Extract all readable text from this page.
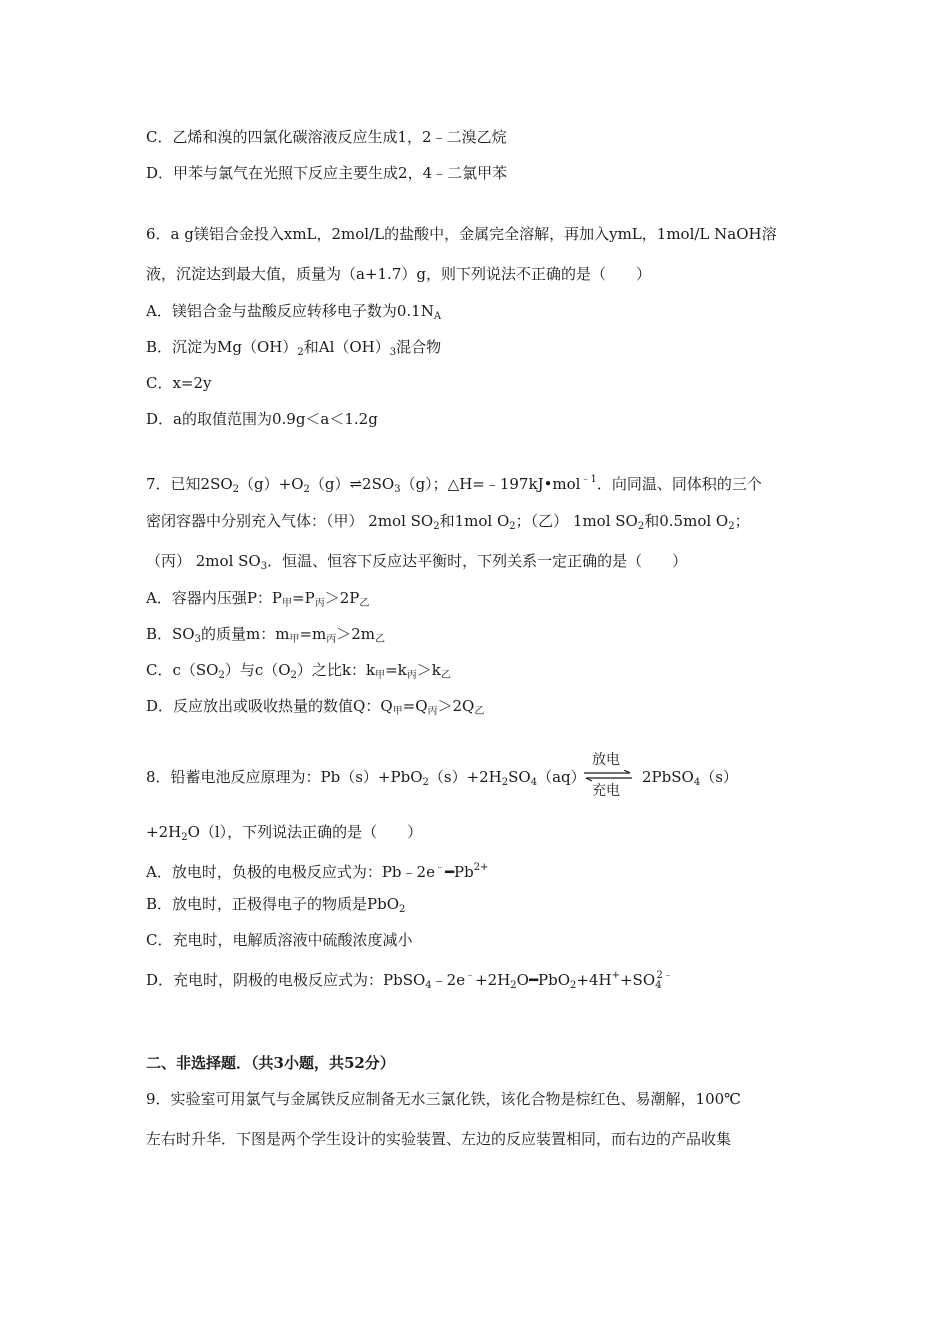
C．乙烯和溴的四氯化碳溶液反应生成1，2﹣二溴乙烷
D．甲苯与氯气在光照下反应主要生成2，4﹣二氯甲苯
6．a g镁铝合金投入xmL，2mol/L的盐酸中，金属完全溶解，再加入ymL，1mol/L NaOH溶
液，沉淀达到最大值，质量为（a+1.7）g，则下列说法不正确的是（　　）
A．镁铝合金与盐酸反应转移电子数为$0.1N_A$
B．沉淀为$Mg(OH)_2$和$Al(OH)_3$混合物
C．x=2y
D．a的取值范围为0.9g＜a＜1.2g
7．已知$2SO_2(g)+O_2(g)\rightleftharpoons 2SO_3(g)$；△H=﹣197kJ•mol$^{﹣1}$．向同温、同体积的三个
密闭容器中分别充入气体：（甲） 2mol $SO_2$和1mol $O_2$；（乙） 1mol $SO_2$和0.5mol $O_2$；
（丙） 2mol $SO_3$．恒温、恒容下反应达平衡时，下列关系一定正确的是（　　）
A．容器内压强P：$P_甲=P_丙>2P_乙$
B．$SO_3$的质量m：$m_甲=m_丙>2m_乙$
C．$c(SO_2)$与$c(O_2)$之比k：$k_甲=k_丙>k_乙$
D．反应放出或吸收热量的数值Q：$Q_甲=Q_丙>2Q_乙$
8．铅蓄电池反应原理为：$Pb(s)+PbO_2(s)+2H_2SO_4(aq)$
放电
充电
2PbSO$_4$（s）
$+2H_2O(l)$，下列说法正确的是（　　）
A．放电时，负极的电极反应式为：$Pb﹣2e^﹣━Pb^{2+}$
B．放电时，正极得电子的物质是PbO$_2$
C．充电时，电解质溶液中硫酸浓度减小
D．充电时，阴极的电极反应式为：$PbSO_4﹣2e^﹣+2H_2O━PbO_2+4H^++SO_4^{2﹣}$
二、非选择题．（共3小题，共52分）
9．实验室可用氯气与金属铁反应制备无水三氯化铁，该化合物是棕红色、易潮解，100℃
左右时升华．下图是两个学生设计的实验装置、左边的反应装置相同，而右边的产品收集
